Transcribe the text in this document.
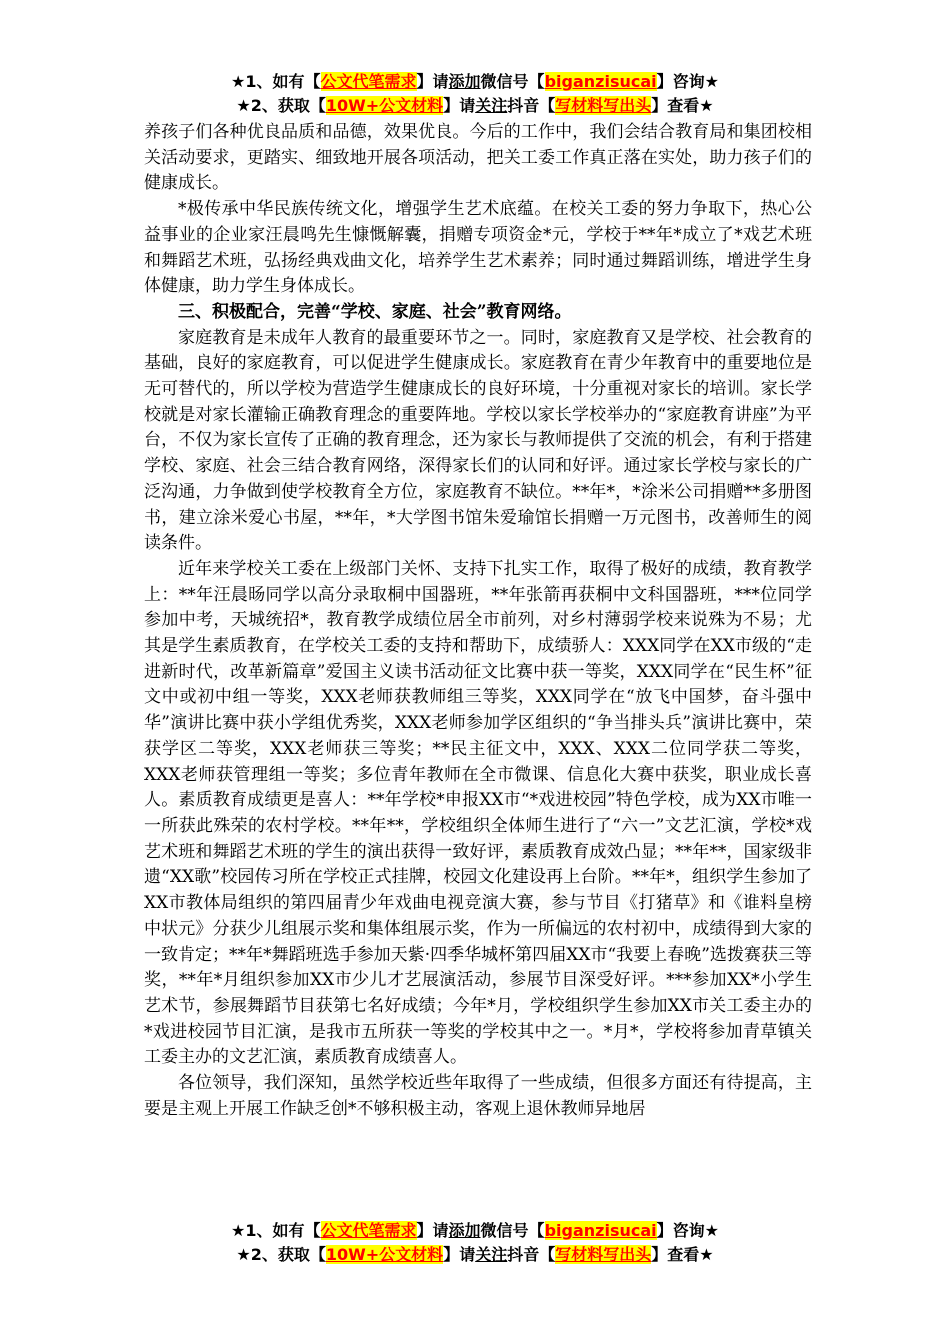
★1、如有【公文代笔需求】请添加微信号【biganzisucai】咨询★
★2、获取【10W+公文材料】请关注抖音【写材料写出头】查看★

养孩子们各种优良品质和品德，效果优良。今后的工作中，我们会结合教育局和集团校相关活动要求，更踏实、细致地开展各项活动，把关工委工作真正落在实处，助力孩子们的健康成长。

*极传承中华民族传统文化，增强学生艺术底蕴。在校关工委的努力争取下，热心公益事业的企业家汪晨鸣先生慷慨解囊，捐赠专项资金*元，学校于**年*成立了*戏艺术班和舞蹈艺术班，弘扬经典戏曲文化，培养学生艺术素养；同时通过舞蹈训练，增进学生身体健康，助力学生身体成长。

三、积极配合，完善“学校、家庭、社会”教育网络。

家庭教育是未成年人教育的最重要环节之一。同时，家庭教育又是学校、社会教育的基础，良好的家庭教育，可以促进学生健康成长。家庭教育在青少年教育中的重要地位是无可替代的，所以学校为营造学生健康成长的良好环境，十分重视对家长的培训。家长学校就是对家长灌输正确教育理念的重要阵地。学校以家长学校举办的“家庭教育讲座”为平台，不仅为家长宣传了正确的教育理念，还为家长与教师提供了交流的机会，有利于搭建学校、家庭、社会三结合教育网络，深得家长们的认同和好评。通过家长学校与家长的广泛沟通，力争做到使学校教育全方位，家庭教育不缺位。**年*，*涂米公司捐赠**多册图书，建立涂米爱心书屋，**年，*大学图书馆朱爱瑜馆长捐赠一万元图书，改善师生的阅读条件。

近年来学校关工委在上级部门关怀、支持下扎实工作，取得了极好的成绩，教育教学上：**年汪晨旸同学以高分录取桐中国器班，**年张箭再获桐中文科国器班，***位同学参加中考，天城统招*，教育教学成绩位居全市前列，对乡村薄弱学校来说殊为不易；尤其是学生素质教育，在学校关工委的支持和帮助下，成绩骄人：XXX同学在XX市级的“走进新时代，改革新篇章”爱国主义读书活动征文比赛中获一等奖，XXX同学在“民生杯”征文中或初中组一等奖，XXX老师获教师组三等奖，XXX同学在“放飞中国梦，奋斗强中华”演讲比赛中获小学组优秀奖，XXX老师参加学区组织的“争当排头兵”演讲比赛中，荣获学区二等奖，XXX老师获三等奖；**民主征文中，XXX、XXX二位同学获二等奖，XXX老师获管理组一等奖；多位青年教师在全市微课、信息化大赛中获奖，职业成长喜人。素质教育成绩更是喜人：**年学校*申报XX市“*戏进校园”特色学校，成为XX市唯一一所获此殊荣的农村学校。**年**，学校组织全体师生进行了“六一”文艺汇演，学校*戏艺术班和舞蹈艺术班的学生的演出获得一致好评，素质教育成效凸显；**年**，国家级非遗“XX歌”校园传习所在学校正式挂牌，校园文化建设再上台阶。**年*，组织学生参加了XX市教体局组织的第四届青少年戏曲电视竞演大赛，参与节目《打猪草》和《谁料皇榜中状元》分获少儿组展示奖和集体组展示奖，作为一所偏远的农村初中，成绩得到大家的一致肯定；**年*舞蹈班选手参加天紫·四季华城杯第四届XX市“我要上春晚”选拨赛获三等奖，**年*月组织参加XX市少儿才艺展演活动，参展节目深受好评。***参加XX*小学生艺术节，参展舞蹈节目获第七名好成绩；今年*月，学校组织学生参加XX市关工委主办的*戏进校园节目汇演，是我市五所获一等奖的学校其中之一。*月*，学校将参加青草镇关工委主办的文艺汇演，素质教育成绩喜人。

各位领导，我们深知，虽然学校近些年取得了一些成绩，但很多方面还有待提高，主要是主观上开展工作缺乏创*不够积极主动，客观上退休教师异地居

★1、如有【公文代笔需求】请添加微信号【biganzisucai】咨询★
★2、获取【10W+公文材料】请关注抖音【写材料写出头】查看★
